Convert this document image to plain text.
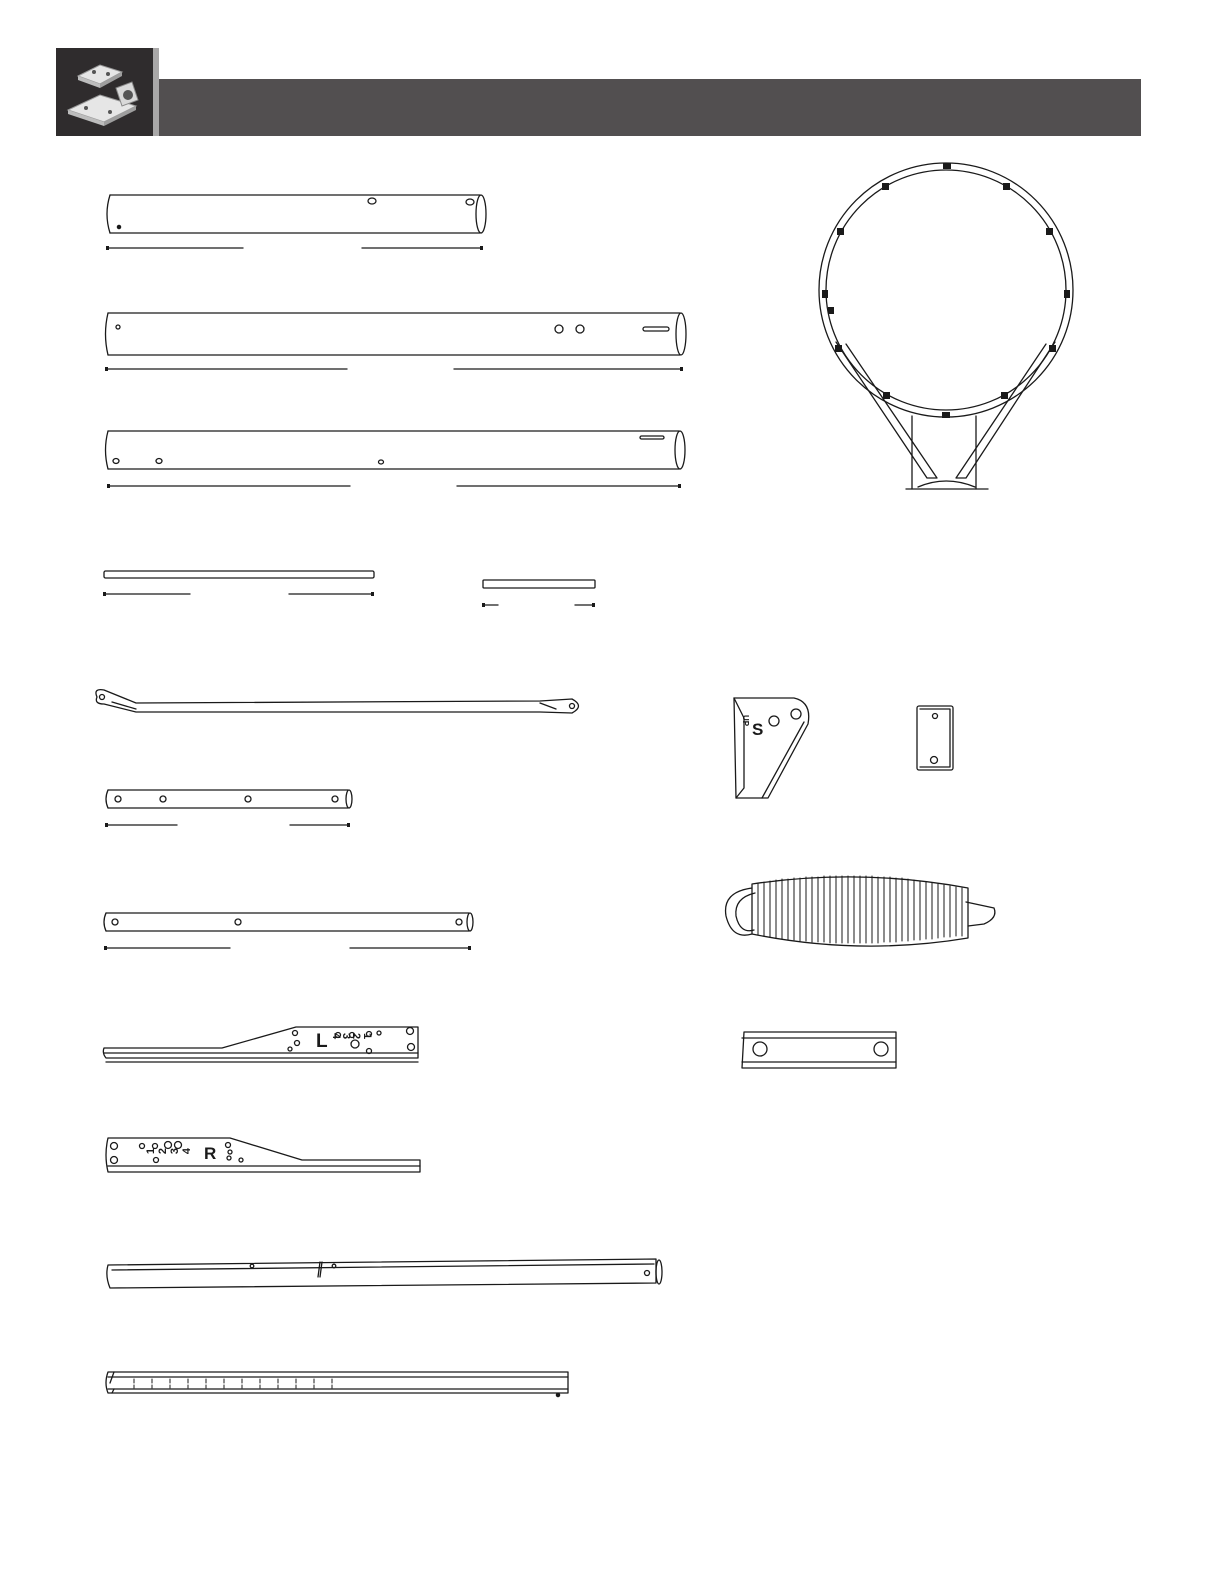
L 4
3
2 1
R
1 2 3 4
UP S
